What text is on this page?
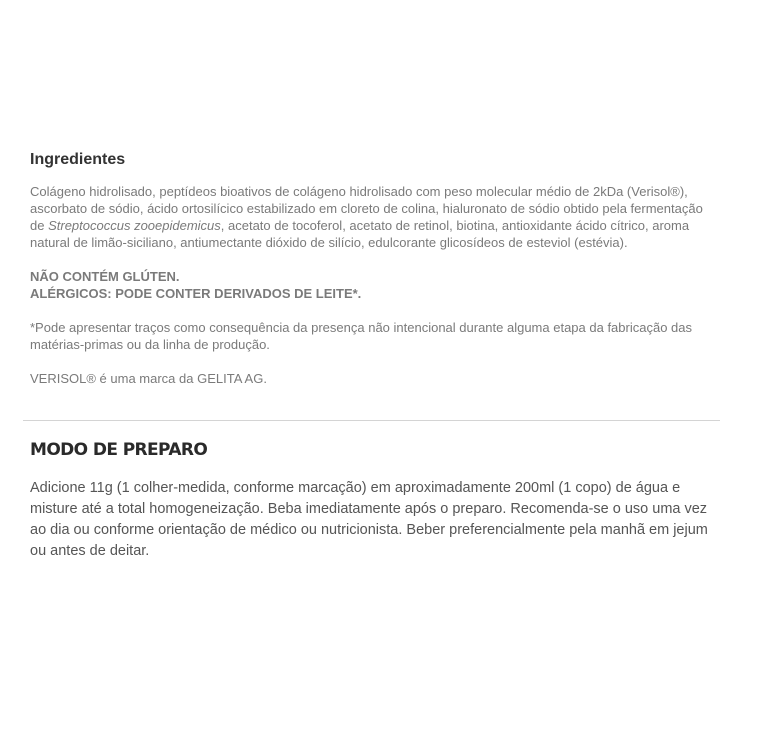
Ingredientes

Colágeno hidrolisado, peptídeos bioativos de colágeno hidrolisado com peso molecular médio de 2kDa (Verisol®), ascorbato de sódio, ácido ortosilícico estabilizado em cloreto de colina, hialuronato de sódio obtido pela fermentação de Streptococcus zooepidemicus, acetato de tocoferol, acetato de retinol, biotina, antioxidante ácido cítrico, aroma natural de limão-siciliano, antiumectante dióxido de silício, edulcorante glicosídeos de esteviol (estévia).

NÃO CONTÉM GLÚTEN.

ALÉRGICOS: PODE CONTER DERIVADOS DE LEITE*.

*Pode apresentar traços como consequência da presença não intencional durante alguma etapa da fabricação das matérias-primas ou da linha de produção.

VERISOL® é uma marca da GELITA AG.

MODO DE PREPARO

Adicione 11g (1 colher-medida, conforme marcação) em aproximadamente 200ml (1 copo) de água e misture até a total homogeneização. Beba imediatamente após o preparo. Recomenda-se o uso uma vez ao dia ou conforme orientação de médico ou nutricionista. Beber preferencialmente pela manhã em jejum ou antes de deitar.
